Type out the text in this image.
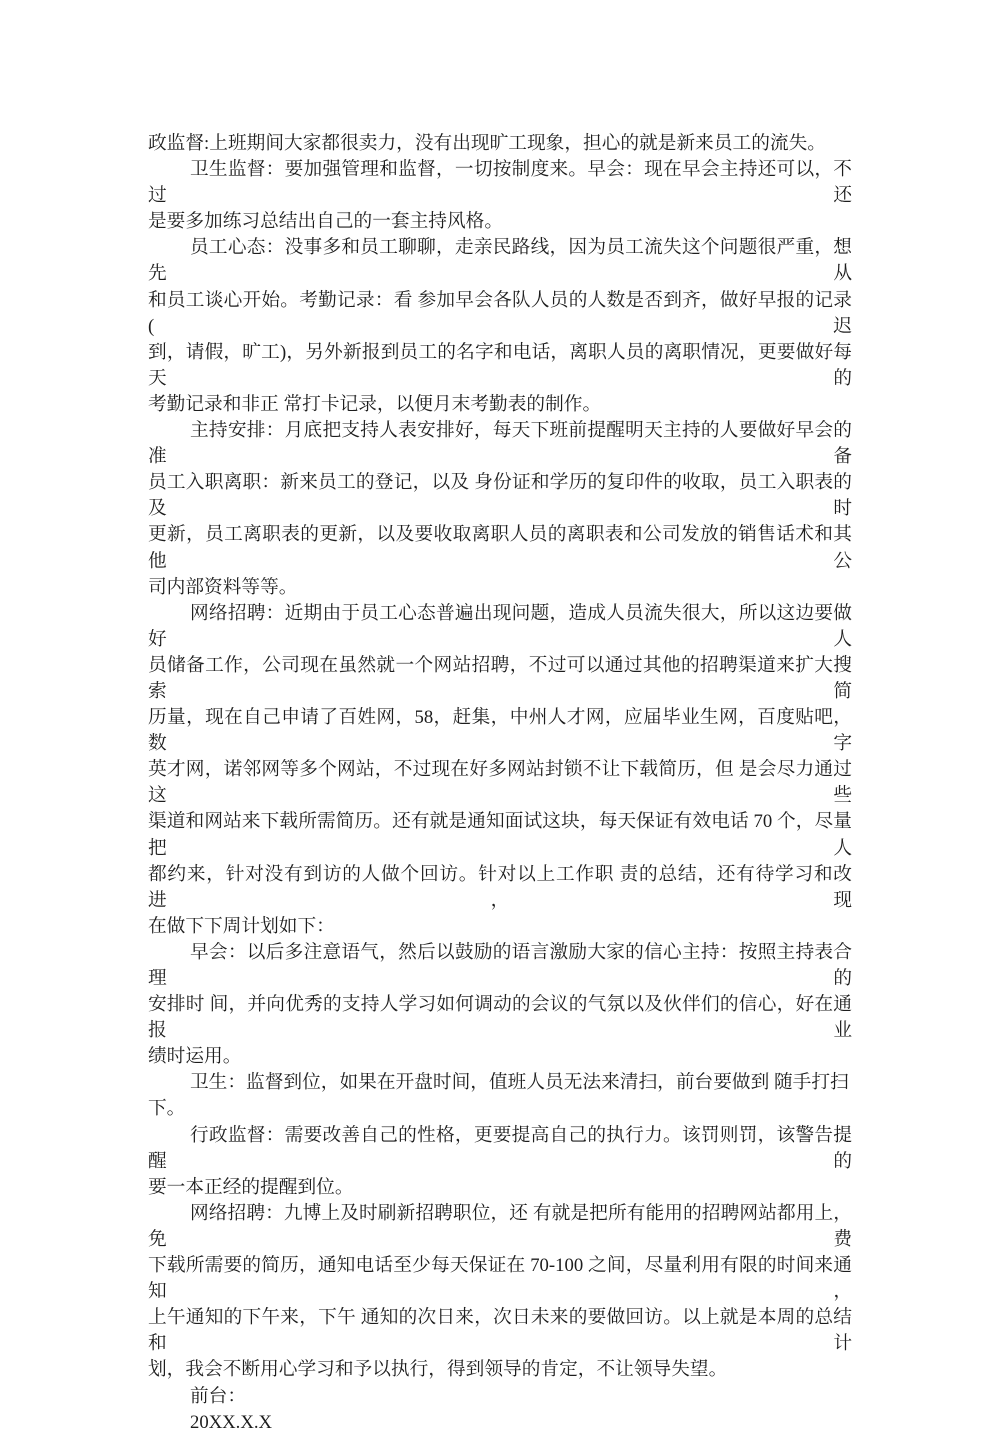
政监督:上班期间大家都很卖力，没有出现旷工现象，担心的就是新来员工的流失。
卫生监督：要加强管理和监督，一切按制度来。早会：现在早会主持还可以，不 过还
是要多加练习总结出自己的一套主持风格。
员工心态：没事多和员工聊聊，走亲民路线，因为员工流失这个问题很严重，想先从
和员工谈心开始。考勤记录：看 参加早会各队人员的人数是否到齐，做好早报的记录(迟
到，请假，旷工)，另外新报到员工的名字和电话，离职人员的离职情况，更要做好每天的
考勤记录和非正 常打卡记录，以便月末考勤表的制作。
主持安排：月底把支持人表安排好，每天下班前提醒明天主持的人要做好早会的准备
员工入职离职：新来员工的登记，以及 身份证和学历的复印件的收取，员工入职表的及时
更新，员工离职表的更新，以及要收取离职人员的离职表和公司发放的销售话术和其他公
司内部资料等等。
网络招聘：近期由于员工心态普遍出现问题，造成人员流失很大，所以这边要做好人
员储备工作，公司现在虽然就一个网站招聘，不过可以通过其他的招聘渠道来扩大搜索 简
历量，现在自己申请了百姓网，58，赶集，中州人才网，应届毕业生网，百度贴吧，数字
英才网，诺邻网等多个网站，不过现在好多网站封锁不让下载简历，但 是会尽力通过这些
渠道和网站来下载所需简历。还有就是通知面试这块，每天保证有效电话 70 个，尽量把人
都约来，针对没有到访的人做个回访。针对以上工作职 责的总结，还有待学习和改进，现
在做下下周计划如下：
早会：以后多注意语气，然后以鼓励的语言激励大家的信心主持：按照主持表合理的
安排时 间，并向优秀的支持人学习如何调动的会议的气氛以及伙伴们的信心，好在通报业
绩时运用。
卫生：监督到位，如果在开盘时间，值班人员无法来清扫，前台要做到 随手打扫下。
行政监督：需要改善自己的性格，更要提高自己的执行力。该罚则罚，该警告提醒的
要一本正经的提醒到位。
网络招聘：九博上及时刷新招聘职位，还 有就是把所有能用的招聘网站都用上，免费
下载所需要的简历，通知电话至少每天保证在 70-100 之间，尽量利用有限的时间来通知，
上午通知的下午来，下午 通知的次日来，次日未来的要做回访。以上就是本周的总结和计
划，我会不断用心学习和予以执行，得到领导的肯定，不让领导失望。
前台：
20XX.X.X
